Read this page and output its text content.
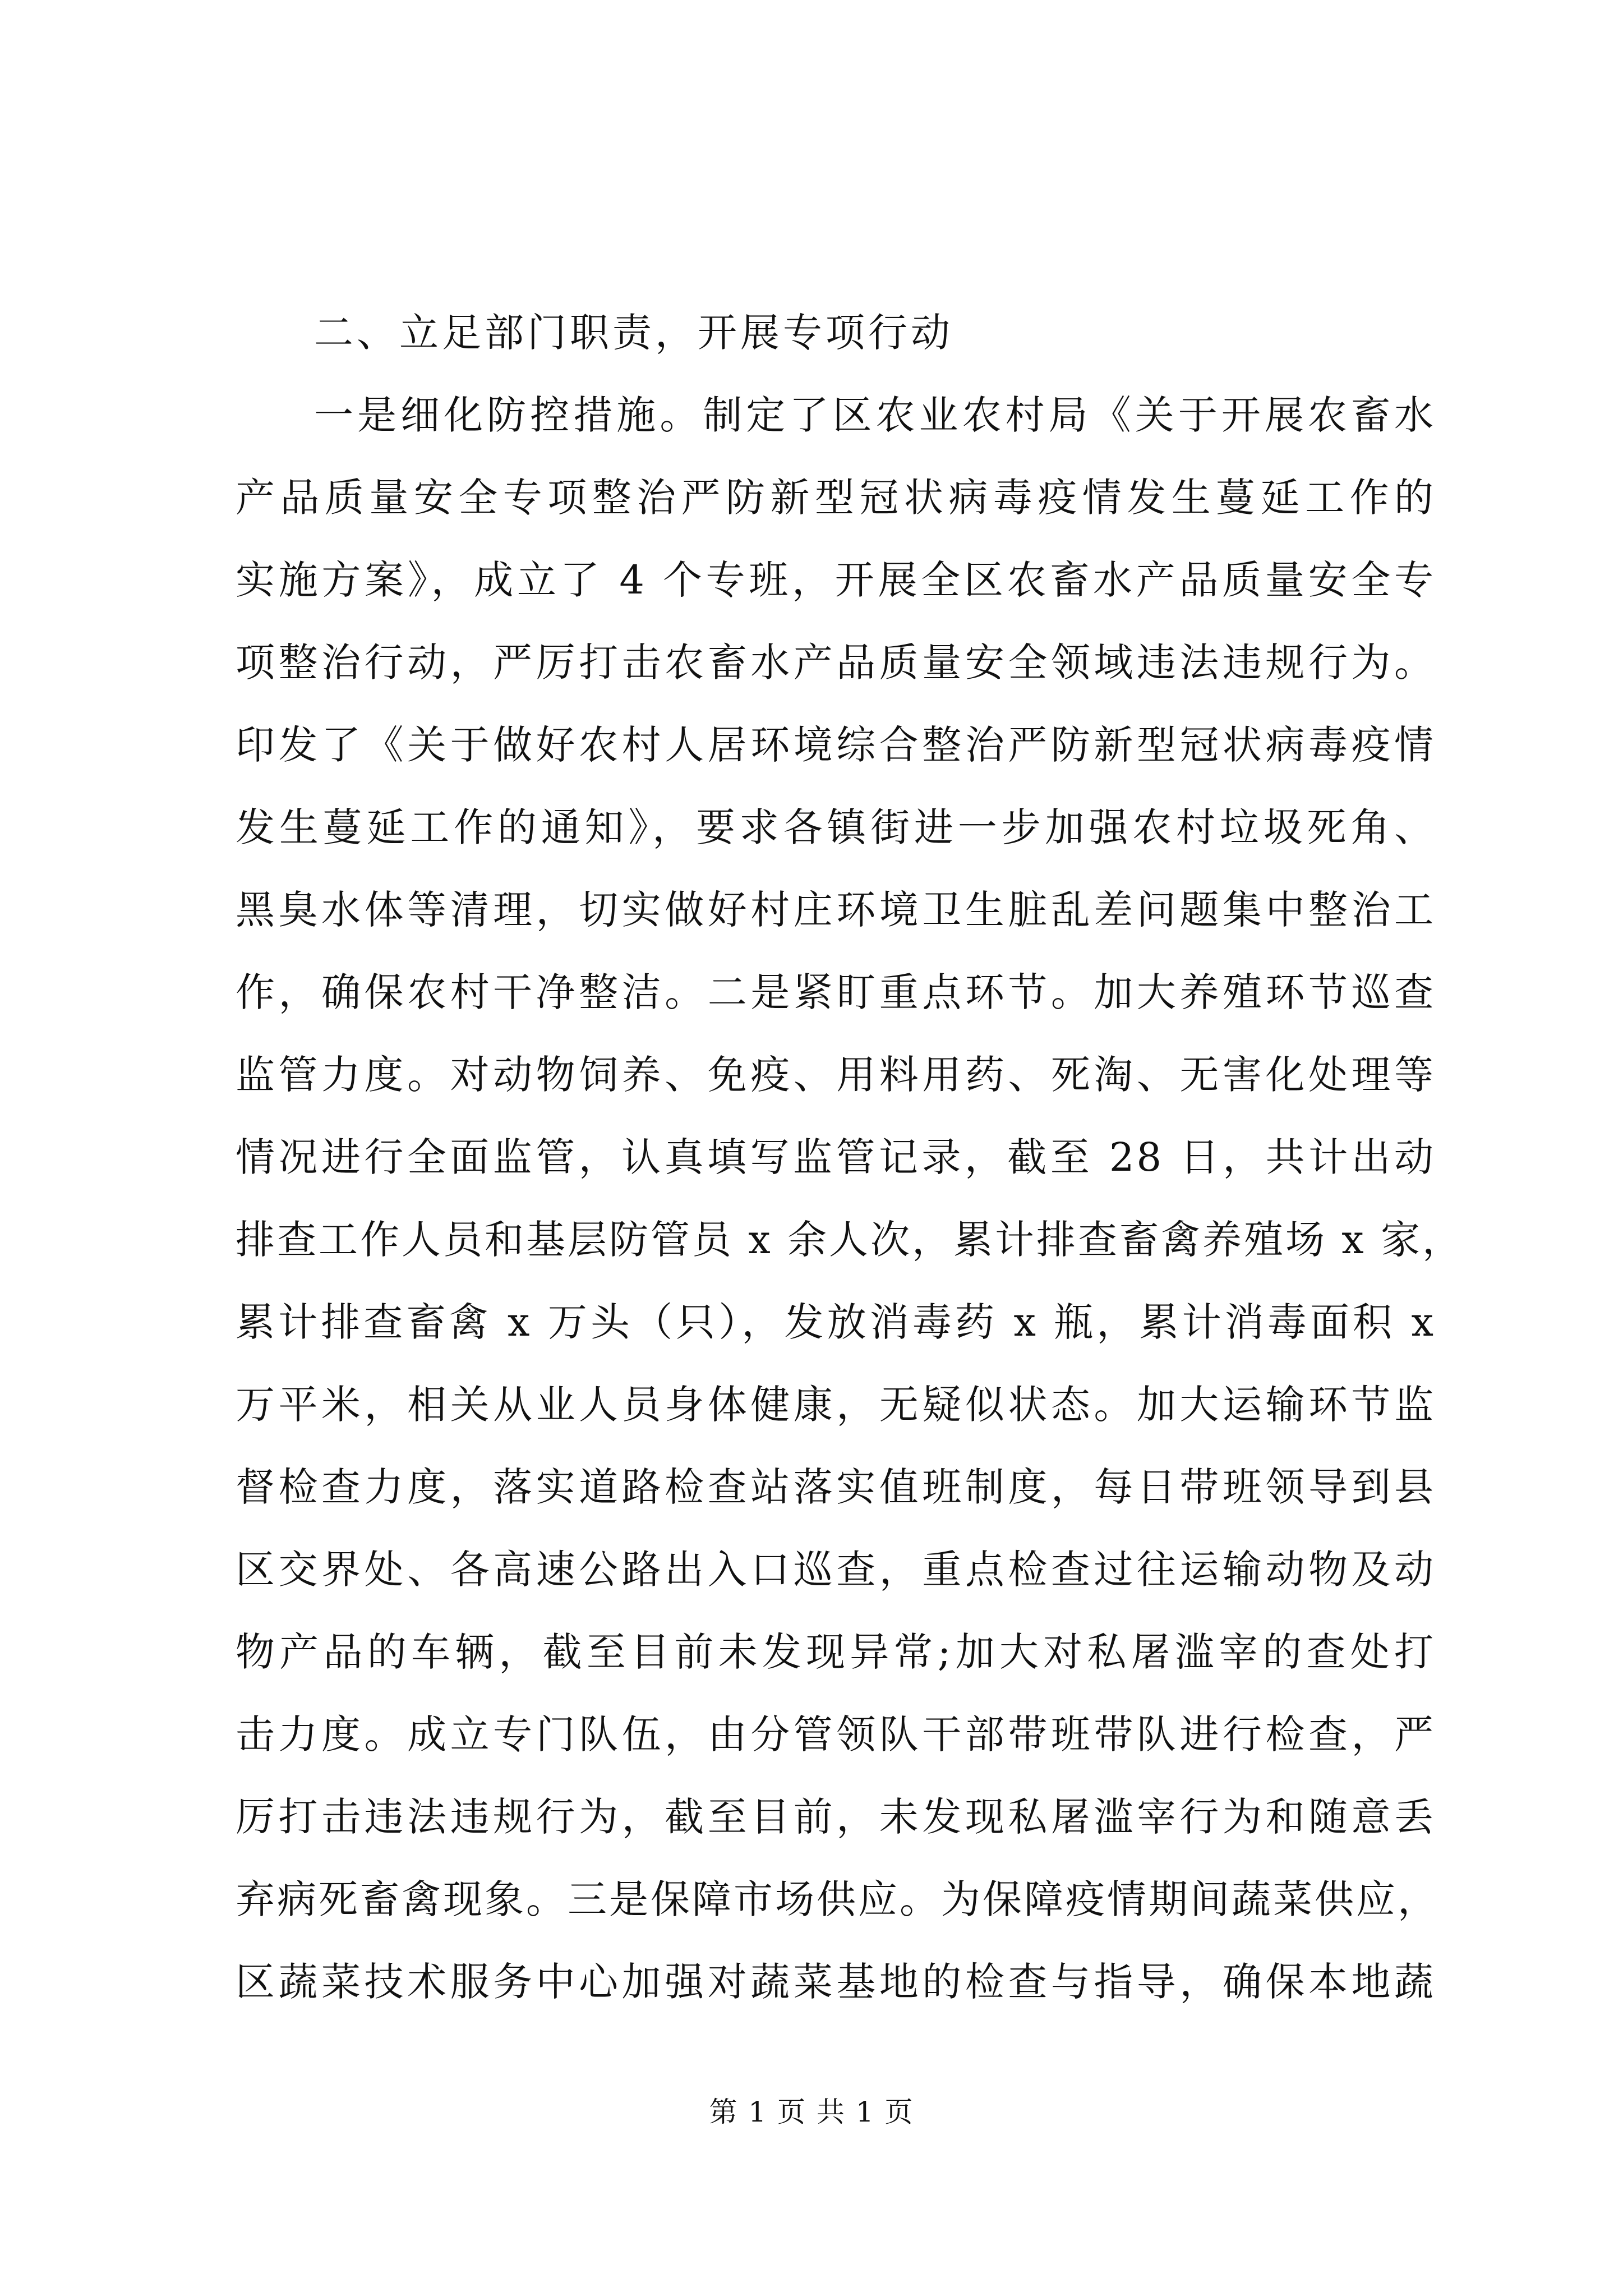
二、立足部门职责，开展专项行动
一是细化防控措施。制定了区农业农村局《关于开展农畜水
产品质量安全专项整治严防新型冠状病毒疫情发生蔓延工作的
实施方案》，成立了 4 个专班，开展全区农畜水产品质量安全专
项整治行动，严厉打击农畜水产品质量安全领域违法违规行为。
印发了《关于做好农村人居环境综合整治严防新型冠状病毒疫情
发生蔓延工作的通知》，要求各镇街进一步加强农村垃圾死角、
黑臭水体等清理，切实做好村庄环境卫生脏乱差问题集中整治工
作，确保农村干净整洁。二是紧盯重点环节。加大养殖环节巡查
监管力度。对动物饲养、免疫、用料用药、死淘、无害化处理等
情况进行全面监管，认真填写监管记录，截至 28 日，共计出动
排查工作人员和基层防管员 x 余人次，累计排查畜禽养殖场 x 家，
累计排查畜禽 x 万头（只），发放消毒药 x 瓶，累计消毒面积 x
万平米，相关从业人员身体健康，无疑似状态。加大运输环节监
督检查力度，落实道路检查站落实值班制度，每日带班领导到县
区交界处、各高速公路出入口巡查，重点检查过往运输动物及动
物产品的车辆，截至目前未发现异常;加大对私屠滥宰的查处打
击力度。成立专门队伍，由分管领队干部带班带队进行检查，严
厉打击违法违规行为，截至目前，未发现私屠滥宰行为和随意丢
弃病死畜禽现象。三是保障市场供应。为保障疫情期间蔬菜供应，
区蔬菜技术服务中心加强对蔬菜基地的检查与指导，确保本地蔬
第 1 页 共 1 页
